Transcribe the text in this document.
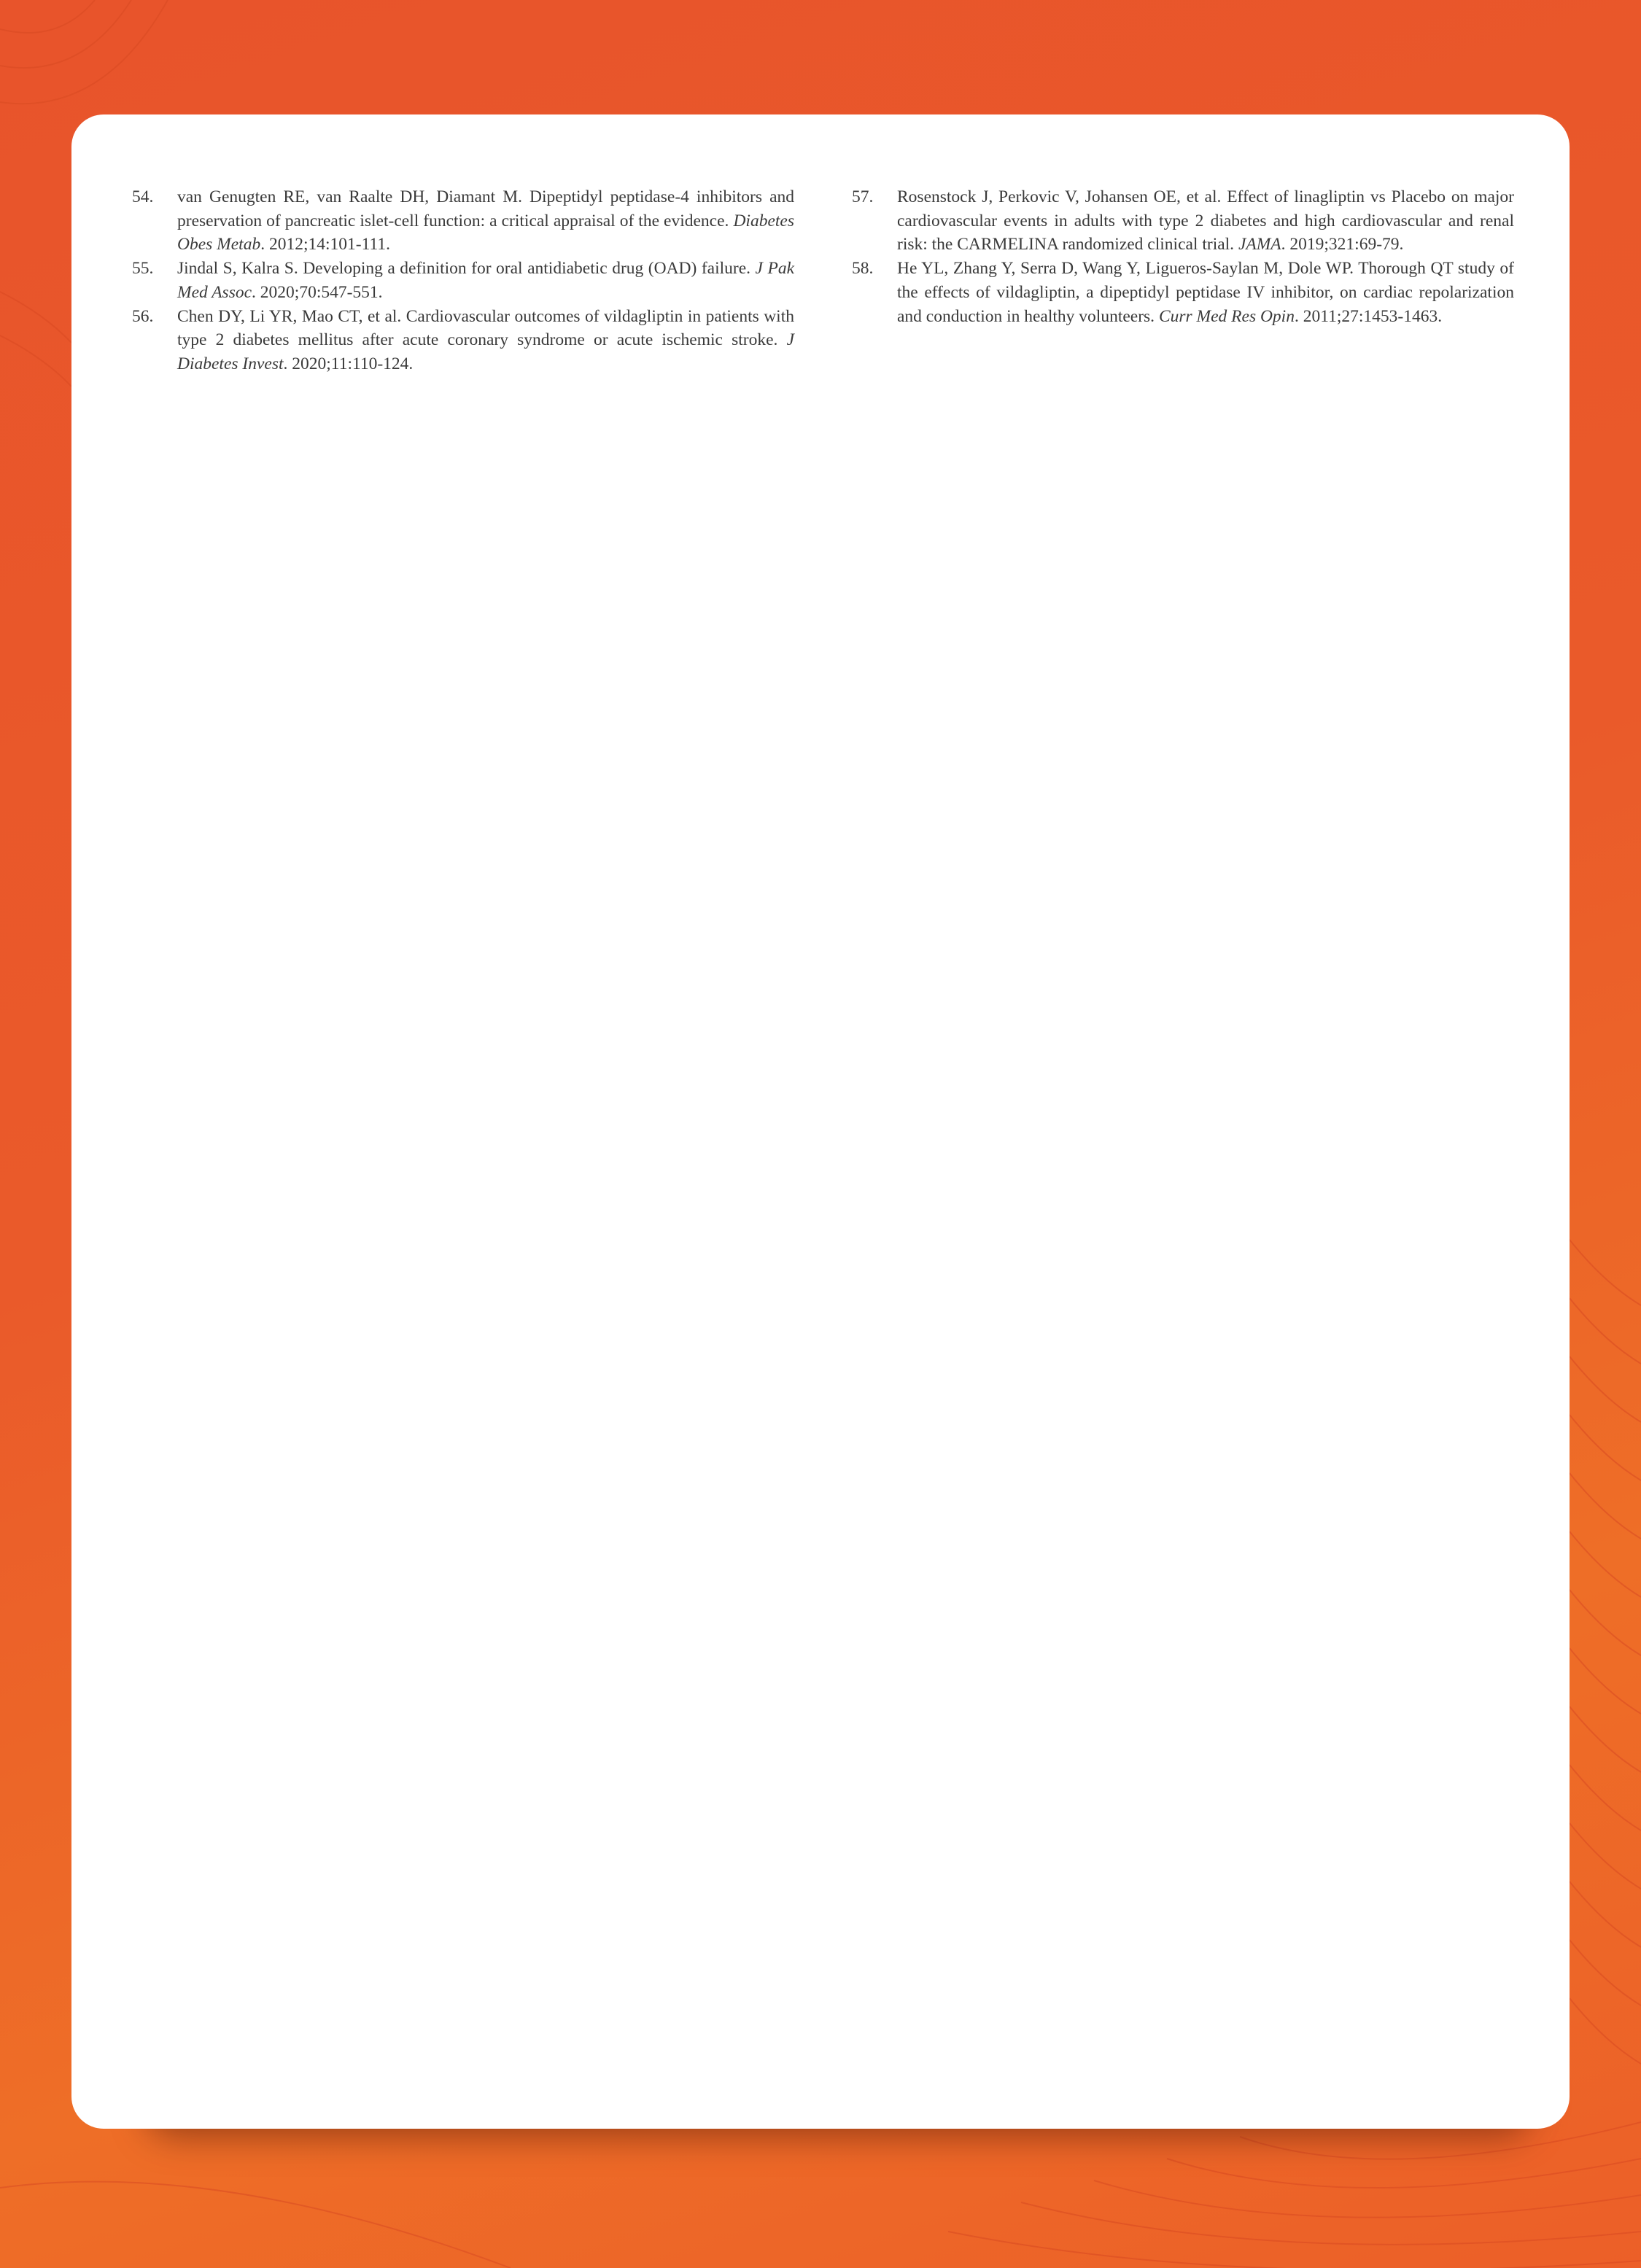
54.	van Genugten RE, van Raalte DH, Diamant M. Dipeptidyl peptidase-4 inhibitors and preservation of pancreatic islet-cell function: a critical appraisal of the evidence. Diabetes Obes Metab. 2012;14:101-111.
55.	Jindal S, Kalra S. Developing a definition for oral antidiabetic drug (OAD) failure. J Pak Med Assoc. 2020;70:547-551.
56.	Chen DY, Li YR, Mao CT, et al. Cardiovascular outcomes of vildagliptin in patients with type 2 diabetes mellitus after acute coronary syndrome or acute ischemic stroke. J Diabetes Invest. 2020;11:110-124.
57.	Rosenstock J, Perkovic V, Johansen OE, et al. Effect of linagliptin vs Placebo on major cardiovascular events in adults with type 2 diabetes and high cardiovascular and renal risk: the CARMELINA randomized clinical trial. JAMA. 2019;321:69-79.
58.	He YL, Zhang Y, Serra D, Wang Y, Ligueros-Saylan M, Dole WP. Thorough QT study of the effects of vildagliptin, a dipeptidyl peptidase IV inhibitor, on cardiac repolarization and conduction in healthy volunteers. Curr Med Res Opin. 2011;27:1453-1463.
